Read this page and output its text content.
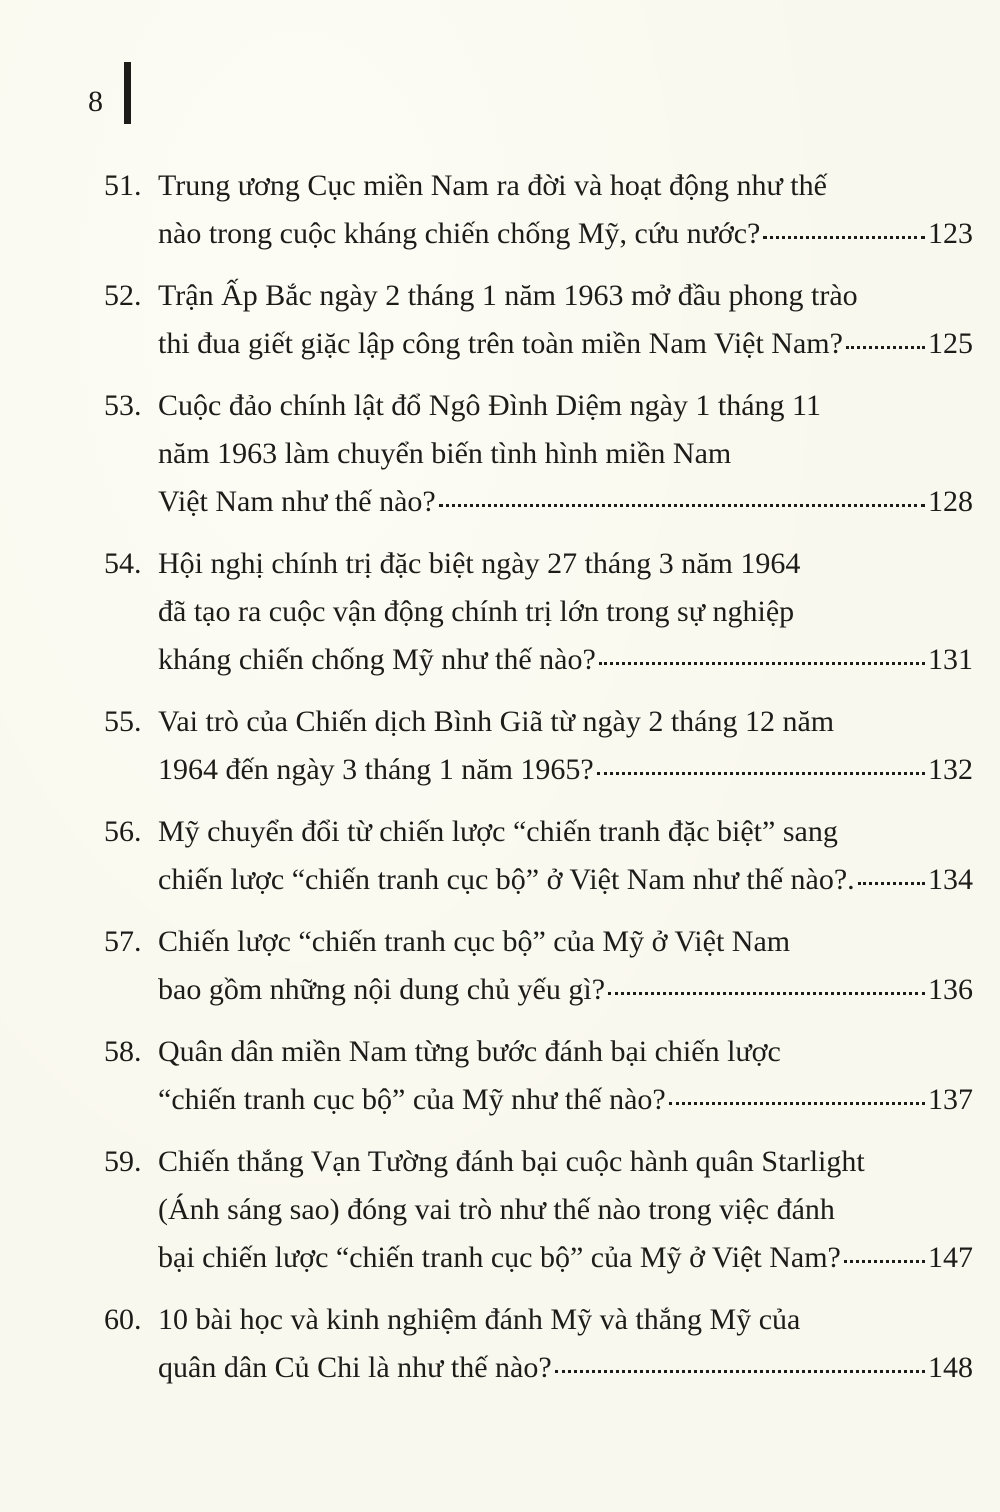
8
51. Trung ương Cục miền Nam ra đời và hoạt động như thế
nào trong cuộc kháng chiến chống Mỹ, cứu nước?	123
52. Trận Ấp Bắc ngày 2 tháng 1 năm 1963 mở đầu phong trào
thi đua giết giặc lập công trên toàn miền Nam Việt Nam?	125
53. Cuộc đảo chính lật đổ Ngô Đình Diệm ngày 1 tháng 11
năm 1963 làm chuyển biến tình hình miền Nam
Việt Nam như thế nào?	128
54. Hội nghị chính trị đặc biệt ngày 27 tháng 3 năm 1964
đã tạo ra cuộc vận động chính trị lớn trong sự nghiệp
kháng chiến chống Mỹ như thế nào?	131
55. Vai trò của Chiến dịch Bình Giã từ ngày 2 tháng 12 năm
1964 đến ngày 3 tháng 1 năm 1965?	132
56. Mỹ chuyển đổi từ chiến lược “chiến tranh đặc biệt” sang
chiến lược “chiến tranh cục bộ” ở Việt Nam như thế nào?. 134
57. Chiến lược “chiến tranh cục bộ” của Mỹ ở Việt Nam
bao gồm những nội dung chủ yếu gì?	136
58. Quân dân miền Nam từng bước đánh bại chiến lược
“chiến tranh cục bộ” của Mỹ như thế nào?	137
59. Chiến thắng Vạn Tường đánh bại cuộc hành quân Starlight
(Ánh sáng sao) đóng vai trò như thế nào trong việc đánh
bại chiến lược “chiến tranh cục bộ” của Mỹ ở Việt Nam?	147
60. 10 bài học và kinh nghiệm đánh Mỹ và thắng Mỹ của
quân dân Củ Chi là như thế nào?	148
